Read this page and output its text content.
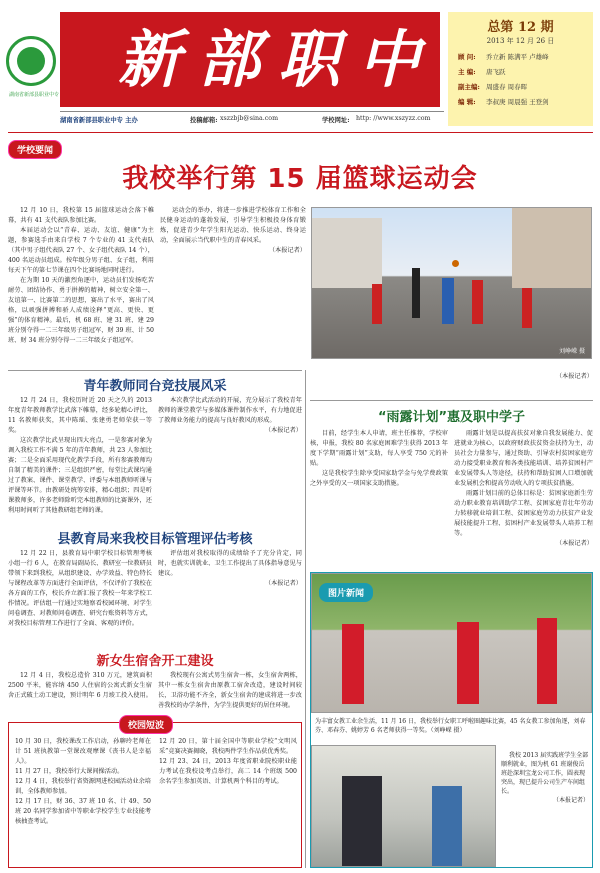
湖南省新部县职业中专 新部职中	总第 12 期
2013 年 12 月 26 日
顾 问: 乔立新 陈满平 卢雄峰
主 编: 唐飞跃
副主编: 周盛春 周春晖
编 辑: 李叔庚 周晨强 王登剑
湖南省新部县职业中专 主办	投稿邮箱: xszzbjb@sina.com	学校网址: http: //www.xszyzz.com
学校要闻
我校举行第 15 届篮球运动会

12 月 10 日，我校第 15 届篮球运动会落下帷幕，共有 41 支代表队参加比赛。

本届运动会以“青春、运动、友谊、健康”为主题，参赛选手由来自学校 7 个专业的 41 支代表队（其中男子组代表队 27 个、女子组代表队 14 个），400 名运动员组成。按年级分男子组、女子组，利用每天下午的第七节课在四个比赛场地同时进行。

在为期 10 天的激烈角逐中，运动员们发扬吃苦耐劳、团结协作、勇于拼搏的精神，树立安全第一、友谊第一、比赛第二的思想，赛出了水平，赛出了风格，以顽强拼搏和骄人成绩诠释“更高、更快、更强”的体育精神。最后，机 68 班、建 31 班、建 29 班分别夺得一二三年级男子组冠军，财 39 班、计 50 班、财 34 班分别夺得一二三年级女子组冠军。

运动会的举办，将进一步推进学校体育工作和全民健身运动的蓬勃发展，引导学生积极投身体育锻炼，促进青少年学生阳光运动、快乐运动、终身运动，全面展示当代职中生的青春风采。

（本报记者）

刘峥嵘 摄
青年教师同台竞技展风采

12 月 24 日，我校历时近 20 天之久的 2013 年度青年教师教学比武落下帷幕，经多轮精心评比，11 名教师获奖，其中陈瑶、张建勇老师荣获一等奖。

这次教学比武呈现出四大亮点，一是参赛对象为调入我校工作不满 5 年的青年教师，共 23 人参加比赛；二是全面采用现代化教学手段，所有参赛教师均自制了精美的课件；三是组织严密，每堂比武课均通过了教案、课件、课堂教学、评委与本组教师听课与评课等环节。由教研处统筹安排，精心组织；四是听课教师多，许多老师除听完本组教师的比赛课外，还利用时间听了其他教研组老师的课。

本次教学比武活动的开展，充分展示了我校青年教师的课堂教学与多媒体课件制作水平，有力地促进了教师业务能力的提高与良好教风的形成。

（本报记者）

县教育局来我校目标管理评估考核

12 月 22 日，县教育局中职学校目标管理考核小组一行 6 人，在教育局副局长、教研室一位教研员带领下来到我校，从组织建设、办学效益、特色特长与课程改革等方面进行全面评估，不仅评价了我校在各方面的工作，校长乔立新汇报了我校一年来学校工作情况。评估组一行通过实地察看校园环境、对学生问卷调查、对教师问卷调查、研究台账资料等方式，对我校目标管理工作进行了全面、客观的评价。

评估组对我校取得的成绩给予了充分肯定，同时，也就实训就业、卫生工作提出了具体指导意见与建议。

（本报记者）

新女生宿舍开工建设

12 月 4 日，我校总造价 310 万元，建筑面积 2500 平米，能容纳 450 人住宿的公寓式新女生宿舍正式破土动工建设，预计明年 6 月竣工投入使用。

我校现有公寓式男生宿舍一栋，女生宿舍两栋，其中一栋女生宿舍由原教工宿舍改造，建设时间较长，卫浴功能不齐全，新女生宿舍的建成将进一步改善我校的办学条件，为学生提供更好的居住环境。

校园短波

10 月 30 日，我校课改工作启动，孙聊玲老师在计 51 班执教第一堂课改观摩课《丧书人是幸福人》。

11 月 27 日，我校举行大课间操活动。

12 月 4 日，我校举行省资源网进校园活动业余培训，全体教师参加。

12 月 17 日，财 36、37 班 10 名、计 49、50 班 20 名同学参加省中等职业学校学生专业技能考核抽查考试。

12 月 20 日，第十届全国中等职业学校“文明风采”竞赛决赛揭晓，我校两件学生作品获优秀奖。

12 月 23、24 日，2013 年度省职业院校职业能力考试在我校设考点举行，高二 14 个班级 500 余名学生参加英语、计算机两个科目的考试。

（本报记者）

“雨露计划”惠及职中学子

目前，经学生本人申请，班主任推荐，学校审核，申报，我校 80 名家庭困难学生获得 2013 年度下学期“雨露计划”支助，每人享受 750 元的补贴。

这是我校学生除享受国家助学金与免学费政策之外享受的又一项国家支助措施。

雨露计划是以提高扶贫对象自我发展能力、促进就业为核心，以政府财政扶贫资金扶持为主，动员社会力量参与，通过资助、引导农村贫困家庭劳动力接受职业教育和各类技能培训、培养贫困村产业发展带头人等途径，扶持和帮助贫困人口增加就业发展机会和提高劳动收入的专项扶贫措施。

雨露计划目前的总体目标是：贫困家庭新生劳动力职业教育培训助学工程、贫困家庭青壮年劳动力转移就业培训工程、贫困家庭劳动力扶贫产业发展技能提升工程、贫困村产业发展带头人培养工程等。

（本报记者）

图片新闻
为丰富女教工业余生活，11 月 16 日，我校举行女职工呼啦圈趣味比赛，45 名女教工参加角逐，刘春芬、邓春芬、姚婷芳 6 名老师获得一等奖。（刘峥嵘 摄）
我校 2013 届实践班学生全部顺利就业，图为机 61 班谢俊岳班赴深圳宝龙公司工作，圆表现突出，现已提升公司生产车间组长。

（本报记者）
